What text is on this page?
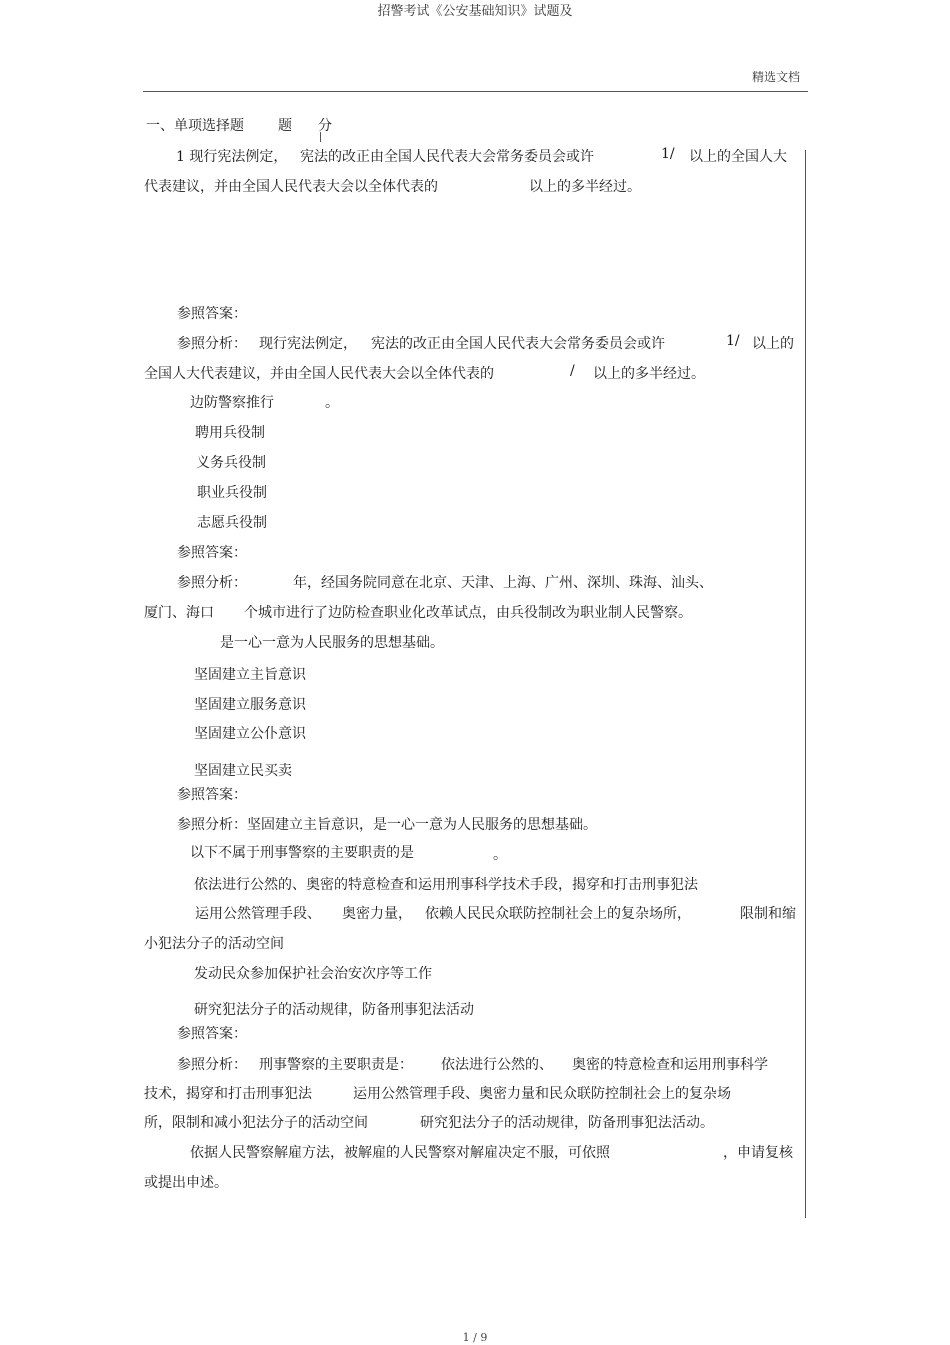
招警考试《公安基础知识》试题及
精选文档
一、单项选择题 题 分
1 现行宪法例定， 宪法的改正由全国人民代表大会常务委员会或许	1/ 以上的全国人大
代表建议，并由全国人民代表大会以全体代表的	以上的多半经过。
参照答案：
参照分析： 现行宪法例定， 宪法的改正由全国人民代表大会常务委员会或许	1/ 以上的
全国人大代表建议，并由全国人民代表大会以全体代表的	/ 以上的多半经过。
边防警察推行	。
聘用兵役制
义务兵役制
职业兵役制
志愿兵役制
参照答案：
参照分析：	年，经国务院同意在北京、天津、上海、广州、深圳、珠海、汕头、
厦门、海口 个城市进行了边防检查职业化改革试点，由兵役制改为职业制人民警察。
是一心一意为人民服务的思想基础。
坚固建立主旨意识
坚固建立服务意识
坚固建立公仆意识
坚固建立民买卖
参照答案：
参照分析：坚固建立主旨意识，是一心一意为人民服务的思想基础。
以下不属于刑事警察的主要职责的是	。
依法进行公然的、奥密的特意检查和运用刑事科学技术手段，揭穿和打击刑事犯法
运用公然管理手段、 奥密力量， 依赖人民民众联防控制社会上的复杂场所，	限制和缩
小犯法分子的活动空间
发动民众参加保护社会治安次序等工作
研究犯法分子的活动规律，防备刑事犯法活动
参照答案：
参照分析： 刑事警察的主要职责是： 依法进行公然的、 奥密的特意检查和运用刑事科学
技术，揭穿和打击刑事犯法	运用公然管理手段、奥密力量和民众联防控制社会上的复杂场
所，限制和减小犯法分子的活动空间	研究犯法分子的活动规律，防备刑事犯法活动。
依据人民警察解雇方法，被解雇的人民警察对解雇决定不服，可依照	，申请复核
或提出申述。
1 / 9
